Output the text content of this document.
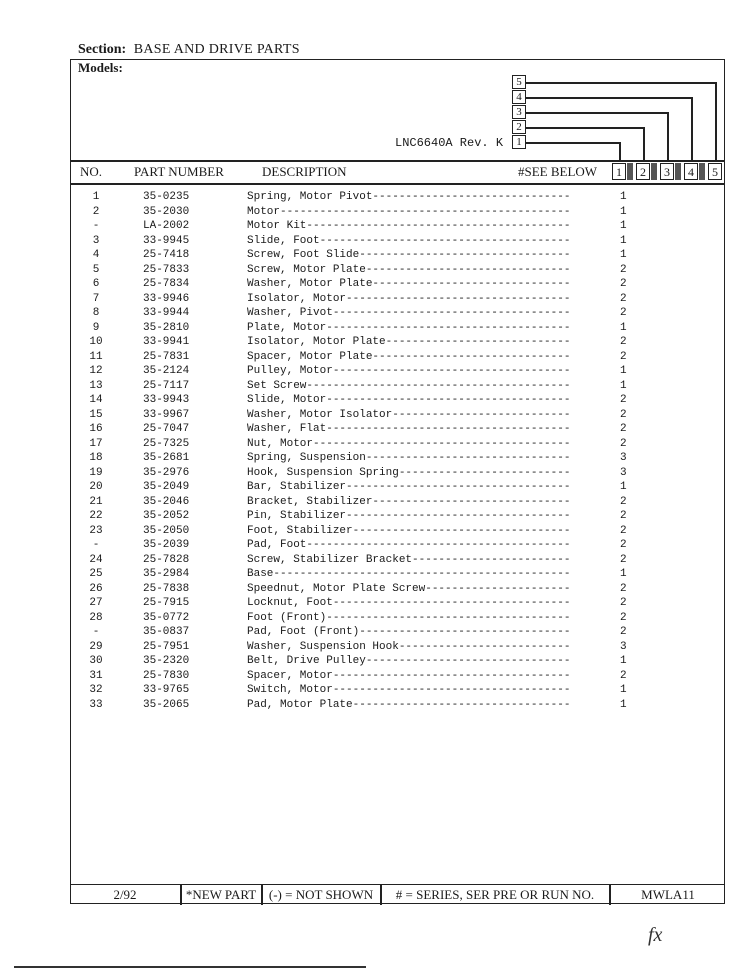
Section: BASE AND DRIVE PARTS
Models:
LNC6640A Rev. K
5
4
3
2
1
NO. PART NUMBER	DESCRIPTION	#SEE BELOW	1	2	3	4	5
1	35-0235	Spring, Motor Pivot------------------------------	1
2	35-2030	Motor--------------------------------------------	1
-	LA-2002	Motor Kit----------------------------------------	1
3	33-9945	Slide, Foot--------------------------------------	1
4	25-7418	Screw, Foot Slide--------------------------------	1
5	25-7833	Screw, Motor Plate-------------------------------	2
6	25-7834	Washer, Motor Plate------------------------------	2
7	33-9946	Isolator, Motor----------------------------------	2
8	33-9944	Washer, Pivot------------------------------------	2
9	35-2810	Plate, Motor-------------------------------------	1
10	33-9941	Isolator, Motor Plate----------------------------	2
11	25-7831	Spacer, Motor Plate------------------------------	2
12	35-2124	Pulley, Motor------------------------------------	1
13	25-7117	Set Screw----------------------------------------	1
14	33-9943	Slide, Motor-------------------------------------	2
15	33-9967	Washer, Motor Isolator---------------------------	2
16	25-7047	Washer, Flat-------------------------------------	2
17	25-7325	Nut, Motor---------------------------------------	2
18	35-2681	Spring, Suspension-------------------------------	3
19	35-2976	Hook, Suspension Spring--------------------------	3
20	35-2049	Bar, Stabilizer----------------------------------	1
21	35-2046	Bracket, Stabilizer------------------------------	2
22	35-2052	Pin, Stabilizer----------------------------------	2
23	35-2050	Foot, Stabilizer---------------------------------	2
-	35-2039	Pad, Foot----------------------------------------	2
24	25-7828	Screw, Stabilizer Bracket------------------------	2
25	35-2984	Base---------------------------------------------	1
26	25-7838	Speednut, Motor Plate Screw----------------------	2
27	25-7915	Locknut, Foot------------------------------------	2
28	35-0772	Foot (Front)-------------------------------------	2
-	35-0837	Pad, Foot (Front)--------------------------------	2
29	25-7951	Washer, Suspension Hook--------------------------	3
30	35-2320	Belt, Drive Pulley-------------------------------	1
31	25-7830	Spacer, Motor------------------------------------	2
32	33-9765	Switch, Motor------------------------------------	1
33	35-2065	Pad, Motor Plate---------------------------------	1
2/92	*NEW PART (-) = NOT SHOWN	# = SERIES, SER PRE OR RUN NO.	MWLA11
fx
